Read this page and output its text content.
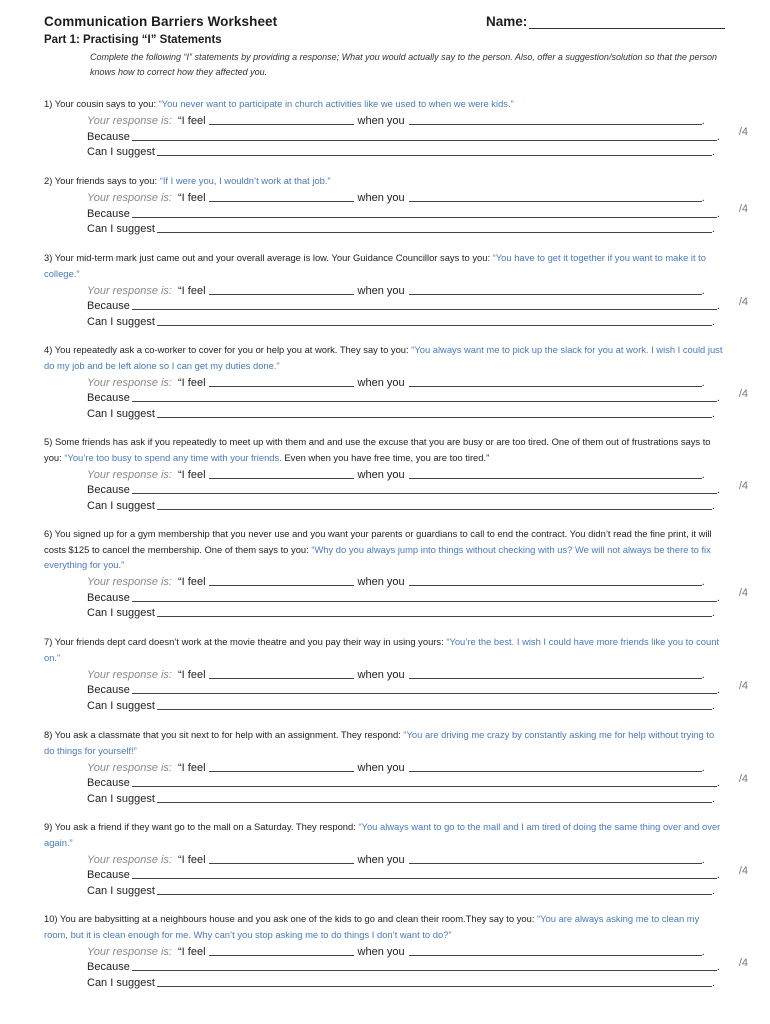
Communication Barriers Worksheet	Name:
Part 1: Practising “I” Statements
Complete the following “I” statements by providing a response; What you would actually say to the person. Also, offer a suggestion/solution so that the person knows how to correct how they affected you.
1) Your cousin says to you: “You never want to participate in church activities like we used to when we were kids.”
Your response is: “I feel	when you	.
Because	.
Can I suggest	.
/4
2) Your friends says to you: “If I were you, I wouldn’t work at that job.”
Your response is: “I feel	when you	.
Because	.
Can I suggest	.
/4
3) Your mid-term mark just came out and your overall average is low. Your Guidance Councillor says to you: “You have to get it together if you want to make it to college.”
Your response is: “I feel	when you	.
Because	.
Can I suggest	.
/4
4) You repeatedly ask a co-worker to cover for you or help you at work. They say to you: “You always want me to pick up the slack for you at work. I wish I could just do my job and be left alone so I can get my duties done.”
Your response is: “I feel	when you	.
Because	.
Can I suggest	.
/4
5) Some friends has ask if you repeatedly to meet up with them and and use the excuse that you are busy or are too tired. One of them out of frustrations says to you: “You’re too busy to spend any time with your friends. Even when you have free time, you are too tired.”
Your response is: “I feel	when you	.
Because	.
Can I suggest	.
/4
6) You signed up for a gym membership that you never use and you want your parents or guardians to call to end the contract. You didn’t read the fine print, it will costs $125 to cancel the membership. One of them says to you: “Why do you always jump into things without checking with us? We will not always be there to fix everything for you.”
Your response is: “I feel	when you	.
Because	.
Can I suggest	.
/4
7) Your friends dept card doesn’t work at the movie theatre and you pay their way in using yours: “You’re the best. I wish I could have more friends like you to count on.”
Your response is: “I feel	when you	.
Because	.
Can I suggest	.
/4
8) You ask a classmate that you sit next to for help with an assignment. They respond: “You are driving me crazy by constantly asking me for help without trying to do things for yourself!”
Your response is: “I feel	when you	.
Because	.
Can I suggest	.
/4
9) You ask a friend if they want go to the mall on a Saturday. They respond: “You always want to go to the mall and I am tired of doing the same thing over and over again.”
Your response is: “I feel	when you	.
Because	.
Can I suggest	.
/4
10) You are babysitting at a neighbours house and you ask one of the kids to go and clean their room.They say to you: “You are always asking me to clean my room, but it is clean enough for me. Why can’t you stop asking me to do things I don’t want to do?”
Your response is: “I feel	when you	.
Because	.
Can I suggest	.
/4
